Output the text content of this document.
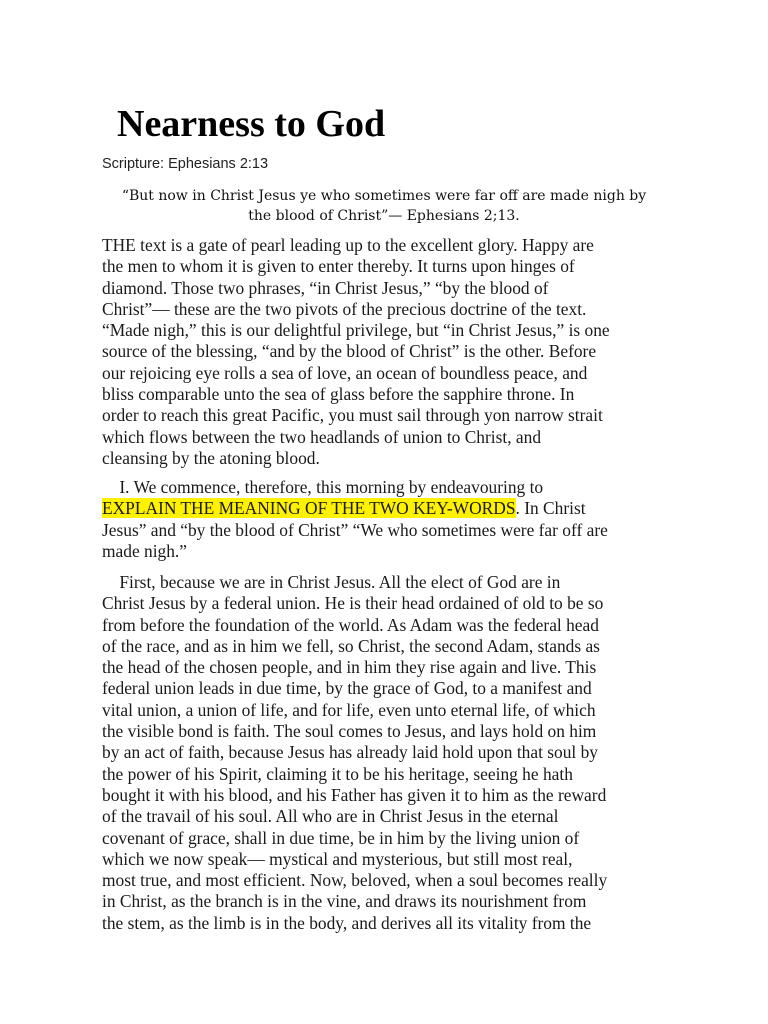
Nearness to God
Scripture: Ephesians 2:13
“But now in Christ Jesus ye who sometimes were far off are made nigh by
the blood of Christ”— Ephesians 2;13.
THE text is a gate of pearl leading up to the excellent glory. Happy are
the men to whom it is given to enter thereby. It turns upon hinges of
diamond. Those two phrases, “in Christ Jesus,” “by the blood of
Christ”— these are the two pivots of the precious doctrine of the text.
“Made nigh,” this is our delightful privilege, but “in Christ Jesus,” is one
source of the blessing, “and by the blood of Christ” is the other. Before
our rejoicing eye rolls a sea of love, an ocean of boundless peace, and
bliss comparable unto the sea of glass before the sapphire throne. In
order to reach this great Pacific, you must sail through yon narrow strait
which flows between the two headlands of union to Christ, and
cleansing by the atoning blood.
I. We commence, therefore, this morning by endeavouring to
EXPLAIN THE MEANING OF THE TWO KEY-WORDS. In Christ
Jesus” and “by the blood of Christ” “We who sometimes were far off are
made nigh.”
First, because we are in Christ Jesus. All the elect of God are in
Christ Jesus by a federal union. He is their head ordained of old to be so
from before the foundation of the world. As Adam was the federal head
of the race, and as in him we fell, so Christ, the second Adam, stands as
the head of the chosen people, and in him they rise again and live. This
federal union leads in due time, by the grace of God, to a manifest and
vital union, a union of life, and for life, even unto eternal life, of which
the visible bond is faith. The soul comes to Jesus, and lays hold on him
by an act of faith, because Jesus has already laid hold upon that soul by
the power of his Spirit, claiming it to be his heritage, seeing he hath
bought it with his blood, and his Father has given it to him as the reward
of the travail of his soul. All who are in Christ Jesus in the eternal
covenant of grace, shall in due time, be in him by the living union of
which we now speak— mystical and mysterious, but still most real,
most true, and most efficient. Now, beloved, when a soul becomes really
in Christ, as the branch is in the vine, and draws its nourishment from
the stem, as the limb is in the body, and derives all its vitality from the
